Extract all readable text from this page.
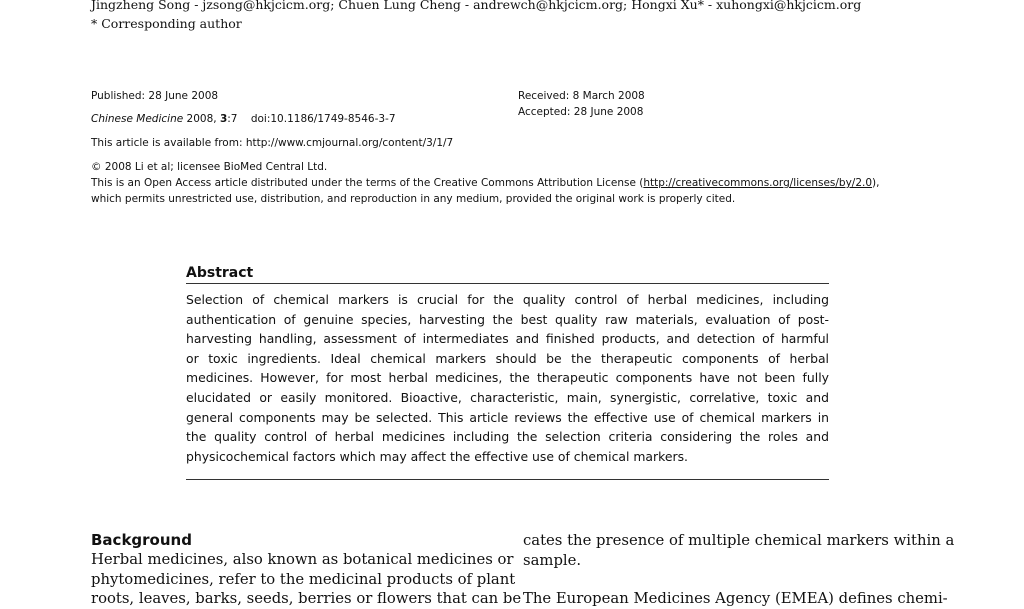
Jingzheng Song - jzsong@hkjcicm.org; Chuen Lung Cheng - andrewch@hkjcicm.org; Hongxi Xu* - xuhongxi@hkjcicm.org
* Corresponding author
Published: 28 June 2008
Chinese Medicine 2008, 3:7    doi:10.1186/1749-8546-3-7
Received: 8 March 2008
Accepted: 28 June 2008
This article is available from: http://www.cmjournal.org/content/3/1/7
© 2008 Li et al; licensee BioMed Central Ltd.
This is an Open Access article distributed under the terms of the Creative Commons Attribution License (http://creativecommons.org/licenses/by/2.0),
which permits unrestricted use, distribution, and reproduction in any medium, provided the original work is properly cited.
Abstract
Selection of chemical markers is crucial for the quality control of herbal medicines, including
authentication of genuine species, harvesting the best quality raw materials, evaluation of post-
harvesting handling, assessment of intermediates and finished products, and detection of harmful
or toxic ingredients. Ideal chemical markers should be the therapeutic components of herbal
medicines. However, for most herbal medicines, the therapeutic components have not been fully
elucidated or easily monitored. Bioactive, characteristic, main, synergistic, correlative, toxic and
general components may be selected. This article reviews the effective use of chemical markers in
the quality control of herbal medicines including the selection criteria considering the roles and
physicochemical factors which may affect the effective use of chemical markers.
Background
Herbal medicines, also known as botanical medicines or
phytomedicines, refer to the medicinal products of plant
roots, leaves, barks, seeds, berries or flowers that can be
cates the presence of multiple chemical markers within a
sample.
The European Medicines Agency (EMEA) defines chemi-
